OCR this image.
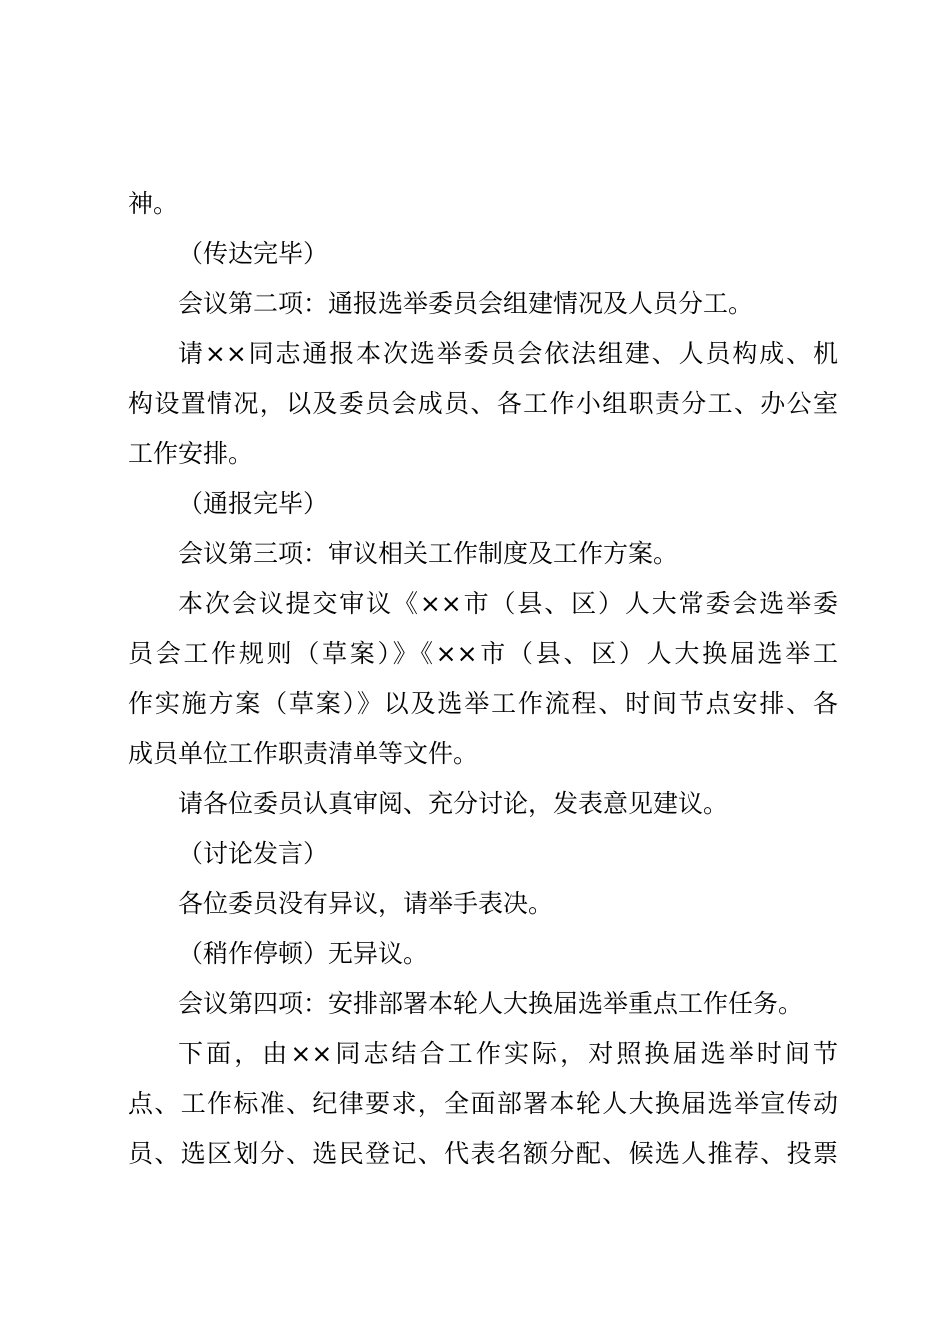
神。
（传达完毕）
会议第二项：通报选举委员会组建情况及人员分工。
请××同志通报本次选举委员会依法组建、人员构成、机
构设置情况，以及委员会成员、各工作小组职责分工、办公室
工作安排。
（通报完毕）
会议第三项：审议相关工作制度及工作方案。
本次会议提交审议《××市（县、区）人大常委会选举委
员会工作规则（草案）》《××市（县、区）人大换届选举工
作实施方案（草案）》以及选举工作流程、时间节点安排、各
成员单位工作职责清单等文件。
请各位委员认真审阅、充分讨论，发表意见建议。
（讨论发言）
各位委员没有异议，请举手表决。
（稍作停顿）无异议。
会议第四项：安排部署本轮人大换届选举重点工作任务。
下面，由××同志结合工作实际，对照换届选举时间节
点、工作标准、纪律要求，全面部署本轮人大换届选举宣传动
员、选区划分、选民登记、代表名额分配、候选人推荐、投票
